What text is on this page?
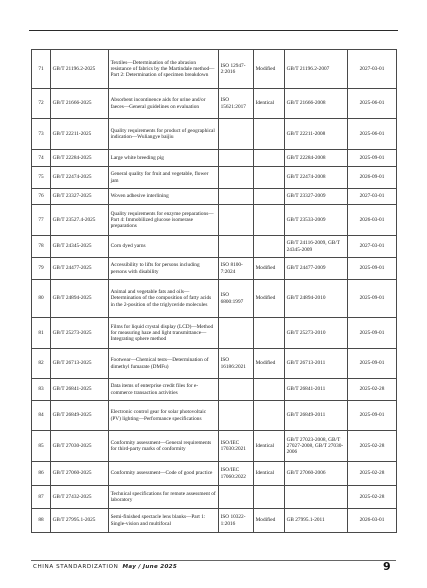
71	GB/T 21196.2-2025	Textiles—Determination of the abrasion resistance of fabrics by the Martindale method—Part 2: Determination of specimen breakdown	ISO 12947-2:2016	Modified	GB/T 21196.2-2007	2027-03-01
72	GB/T 21666-2025	Absorbent incontinence aids for urine and/or faeces—General guidelines on evaluation	ISO 15621:2017	Identical	GB/T 21666-2008	2025-06-01
73	GB/T 22211-2025	Quality requirements for product of geographical indication—Wuliangye baijiu			GB/T 22211-2008	2025-06-01
74	GB/T 22284-2025	Large white breeding pig			GB/T 22284-2008	2025-09-01
75	GB/T 22474-2025	General quality for fruit and vegetable, flower jam			GB/T 22474-2008	2026-09-01
76	GB/T 23327-2025	Woven adhesive interlining			GB/T 23327-2009	2027-03-01
77	GB/T 23527.4-2025	Quality requirements for enzyme preparations—Part 4: Immobilized glucose isomerase preparations			GB/T 23533-2009	2026-03-01
78	GB/T 24345-2025	Corn dyed yarns			GB/T 24116-2009, GB/T 24345-2009	2027-03-01
79	GB/T 24477-2025	Accessibility to lifts for persons including persons with disability	ISO 8100-7:2024	Modified	GB/T 24477-2009	2025-09-01
80	GB/T 24894-2025	Animal and vegetable fats and oils—Determination of the composition of fatty acids in the 2-position of the triglyceride molecules	ISO 6800:1997	Modified	GB/T 24894-2010	2025-09-01
81	GB/T 25273-2025	Films for liquid crystal display (LCD)—Method for measuring haze and light transmittance—Integrating sphere method			GB/T 25273-2010	2025-09-01
82	GB/T 26713-2025	Footwear—Chemical tests—Determination of dimethyl fumarate (DMFu)	ISO 16186:2021	Modified	GB/T 26713-2011	2025-09-01
83	GB/T 26841-2025	Data items of enterprise credit files for e-commerce transaction activities			GB/T 26841-2011	2025-02-28
84	GB/T 26849-2025	Electronic control gear for solar photovoltaic (PV) lighting—Performance specifications			GB/T 26849-2011	2025-09-01
85	GB/T 27030-2025	Conformity assessment—General requirements for third-party marks of conformity	ISO/IEC 17030:2021	Identical	GB/T 27023-2008, GB/T 27027-2008, GB/T 27030-2006	2025-02-28
86	GB/T 27060-2025	Conformity assessment—Code of good practice	ISO/IEC 17060:2022	Identical	GB/T 27060-2006	2025-02-28
87	GB/T 27432-2025	Technical specifications for remote assessment of laboratory				2025-02-28
88	GB/T 27995.1-2025	Semi-finished spectacle lens blanks—Part 1: Single-vision and multifocal	ISO 10322-1:2016	Modified	GB 27995.1-2011	2026-03-01
CHINA STANDARDIZATION May / June 2025	9
